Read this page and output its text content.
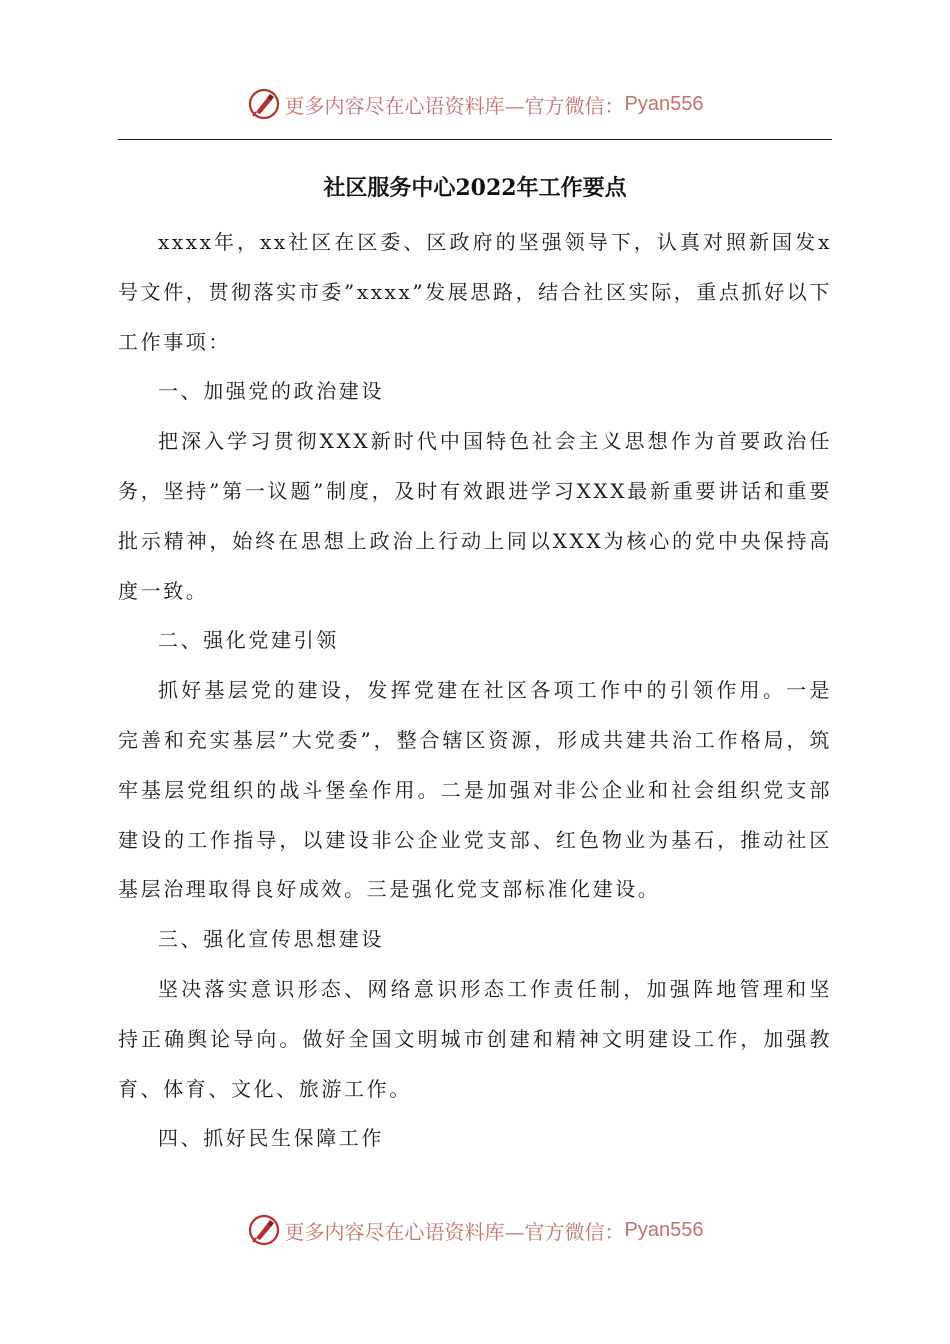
更多内容尽在心语资料库—官方微信： Pyan556
社区服务中心2022年工作要点

xxxx年，xx社区在区委、区政府的坚强领导下，认真对照新国发x号文件，贯彻落实市委”xxxx”发展思路，结合社区实际，重点抓好以下工作事项：

一、加强党的政治建设

把深入学习贯彻XXX新时代中国特色社会主义思想作为首要政治任务，坚持”第一议题”制度，及时有效跟进学习XXX最新重要讲话和重要批示精神，始终在思想上政治上行动上同以XXX为核心的党中央保持高度一致。

二、强化党建引领

抓好基层党的建设，发挥党建在社区各项工作中的引领作用。一是完善和充实基层”大党委”，整合辖区资源，形成共建共治工作格局，筑牢基层党组织的战斗堡垒作用。二是加强对非公企业和社会组织党支部建设的工作指导，以建设非公企业党支部、红色物业为基石，推动社区基层治理取得良好成效。三是强化党支部标准化建设。

三、强化宣传思想建设

坚决落实意识形态、网络意识形态工作责任制，加强阵地管理和坚持正确舆论导向。做好全国文明城市创建和精神文明建设工作，加强教育、体育、文化、旅游工作。

四、抓好民生保障工作

更多内容尽在心语资料库—官方微信： Pyan556
